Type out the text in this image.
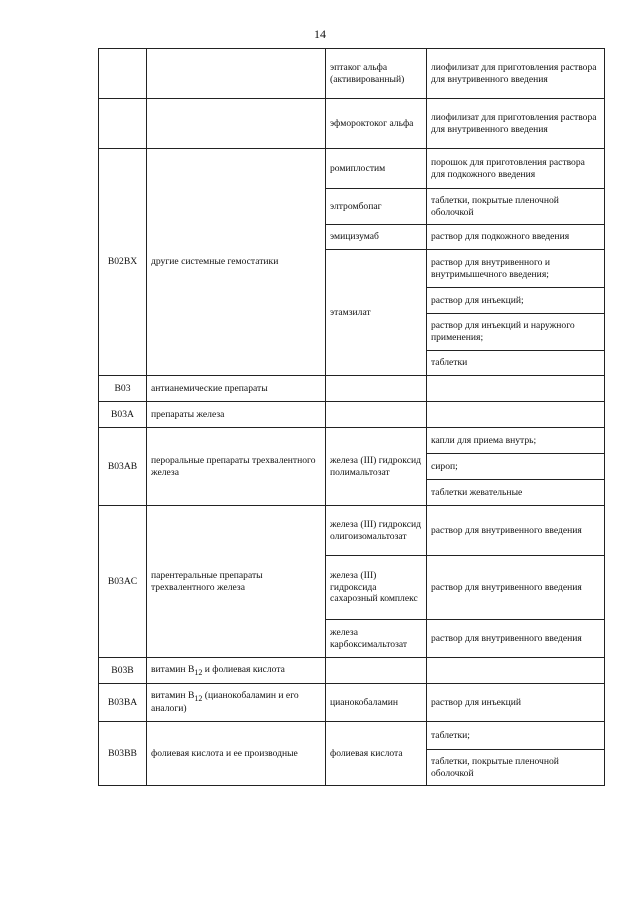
14
		эптаког альфа (активированный)	лиофилизат для приготовления раствора для внутривенного введения
		эфмороктоког альфа	лиофилизат для приготовления раствора для внутривенного введения
B02BX	другие системные гемостатики	ромиплостим	порошок для приготовления раствора для подкожного введения
		элтромбопаг	таблетки, покрытые пленочной оболочкой
		эмицизумаб	раствор для подкожного введения
		этамзилат	раствор для внутривенного и внутримышечного введения;
			раствор для инъекций;
			раствор для инъекций и наружного применения;
			таблетки
B03	антианемические препараты		
B03A	препараты железа		
B03AB	пероральные препараты трехвалентного железа	железа (III) гидроксид полимальтозат	капли для приема внутрь;
			сироп;
			таблетки жевательные
B03AC	парентеральные препараты трехвалентного железа	железа (III) гидроксид олигоизомальтозат	раствор для внутривенного введения
		железа (III) гидроксида сахарозный комплекс	раствор для внутривенного введения
		железа карбоксимальтозат	раствор для внутривенного введения
B03B	витамин $B_{12}$ и фолиевая кислота		
B03BA	витамин $B_{12}$ (цианокобаламин и его аналоги)	цианокобаламин	раствор для инъекций
B03BB	фолиевая кислота и ее производные	фолиевая кислота	таблетки;
			таблетки, покрытые пленочной оболочкой
